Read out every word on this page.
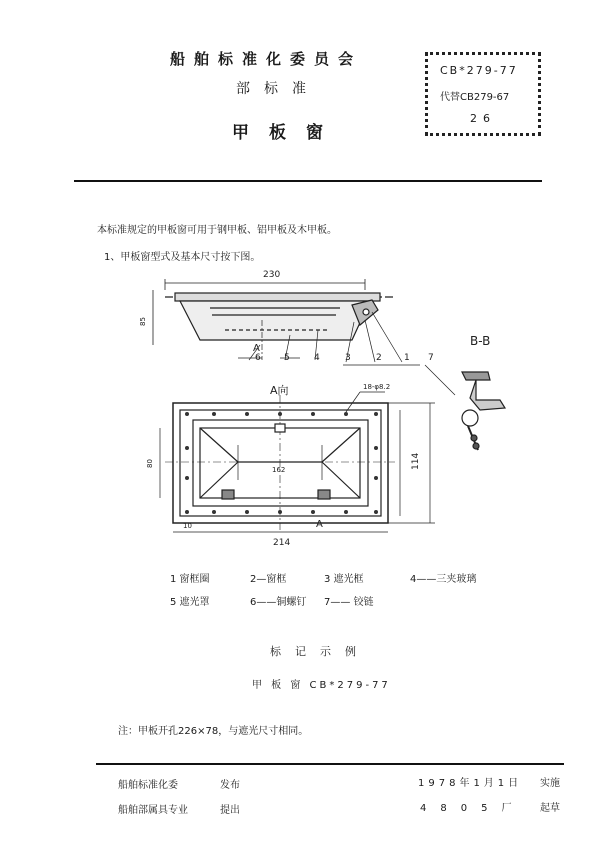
船舶标准化委员会
部标准
甲板窗
CB*279-77
代替CB279-67
26
本标准规定的甲板窗可用于钢甲板、铝甲板及木甲板。
1、甲板窗型式及基本尺寸按下图。
230
85
A
6	5	4	3	2 1 7
B-B
A向	18-φ8.2
80
162	114
10	A
214
1 窗框圈	2—窗框	3 遮光框	4——三夹玻璃
5 遮光罩	6——铜螺钉 7—— 铰链
标记示例
甲 板 窗 CB*279-77
注：甲板开孔226×78，与遮光尺寸相同。
船舶标准化委	发布	1978年1月1日 实施
船舶部属具专业	提出	4805厂 起草
